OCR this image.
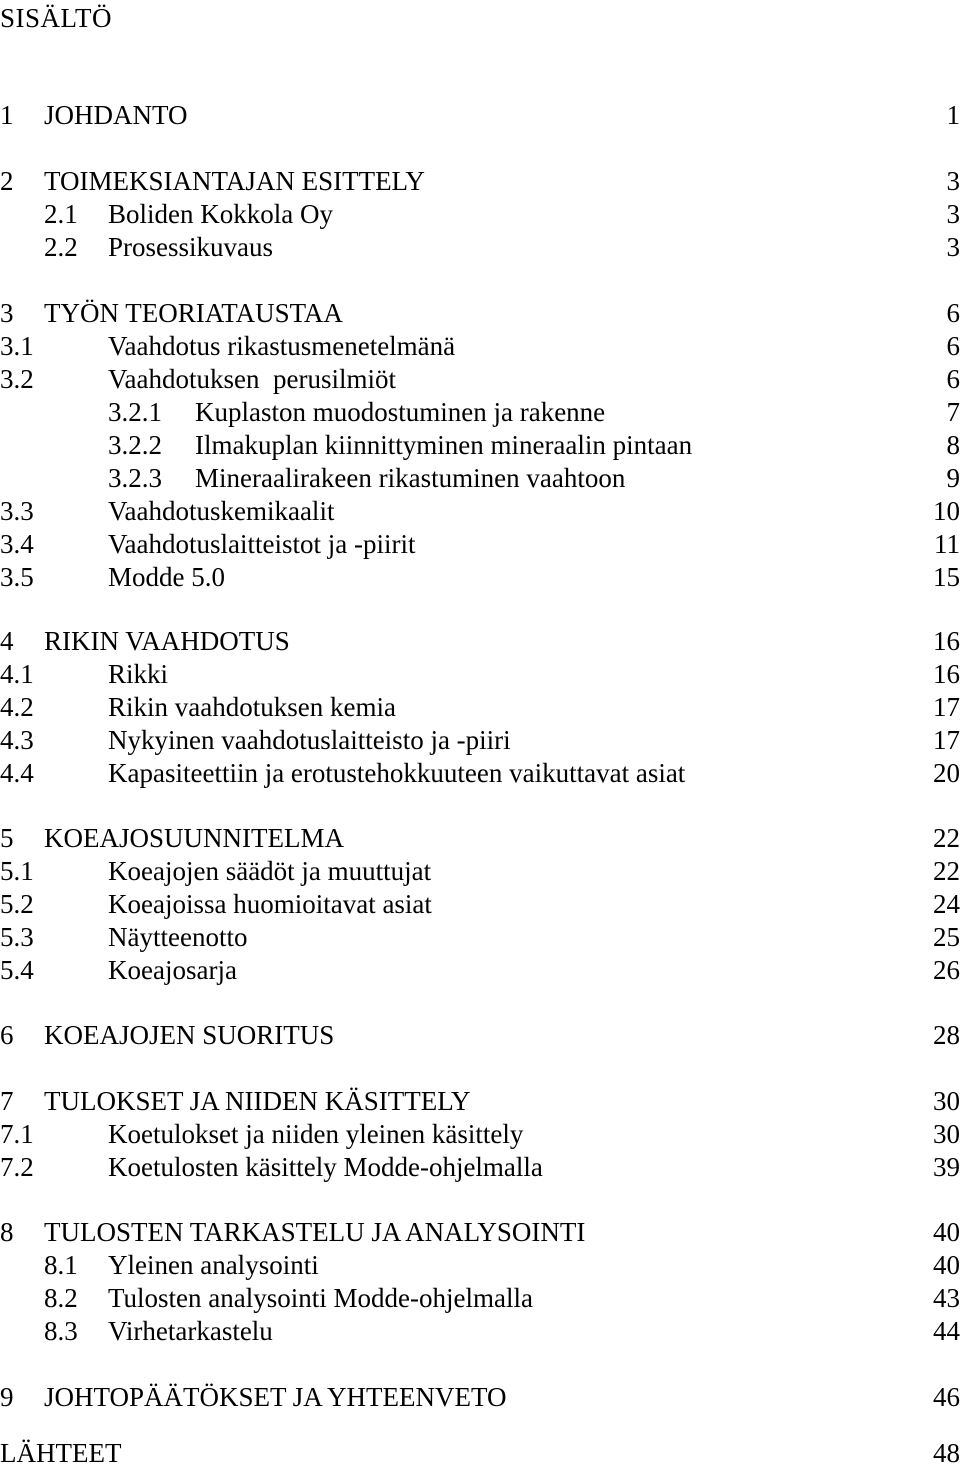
SISÄLTÖ
1 JOHDANTO	1
2 TOIMEKSIANTAJAN ESITTELY	3
2.1 Boliden Kokkola Oy	3
2.2 Prosessikuvaus	3
3 TYÖN TEORIATAUSTAA	6
3.1	Vaahdotus rikastusmenetelmänä	6
3.2	Vaahdotuksen  perusilmiöt	6
3.2.1 Kuplaston muodostuminen ja rakenne	7
3.2.2 Ilmakuplan kiinnittyminen mineraalin pintaan	8
3.2.3 Mineraalirakeen rikastuminen vaahtoon	9
3.3	Vaahdotuskemikaalit	10
3.4	Vaahdotuslaitteistot ja -piirit	11
3.5	Modde 5.0	15
4 RIKIN VAAHDOTUS	16
4.1	Rikki	16
4.2	Rikin vaahdotuksen kemia	17
4.3	Nykyinen vaahdotuslaitteisto ja -piiri	17
4.4	Kapasiteettiin ja erotustehokkuuteen vaikuttavat asiat	20
5 KOEAJOSUUNNITELMA	22
5.1	Koeajojen säädöt ja muuttujat	22
5.2	Koeajoissa huomioitavat asiat	24
5.3	Näytteenotto	25
5.4	Koeajosarja	26
6 KOEAJOJEN SUORITUS	28
7 TULOKSET JA NIIDEN KÄSITTELY	30
7.1	Koetulokset ja niiden yleinen käsittely	30
7.2	Koetulosten käsittely Modde-ohjelmalla	39
8 TULOSTEN TARKASTELU JA ANALYSOINTI	40
8.1 Yleinen analysointi	40
8.2 Tulosten analysointi Modde-ohjelmalla	43
8.3 Virhetarkastelu	44
9 JOHTOPÄÄTÖKSET JA YHTEENVETO	46
LÄHTEET	48
